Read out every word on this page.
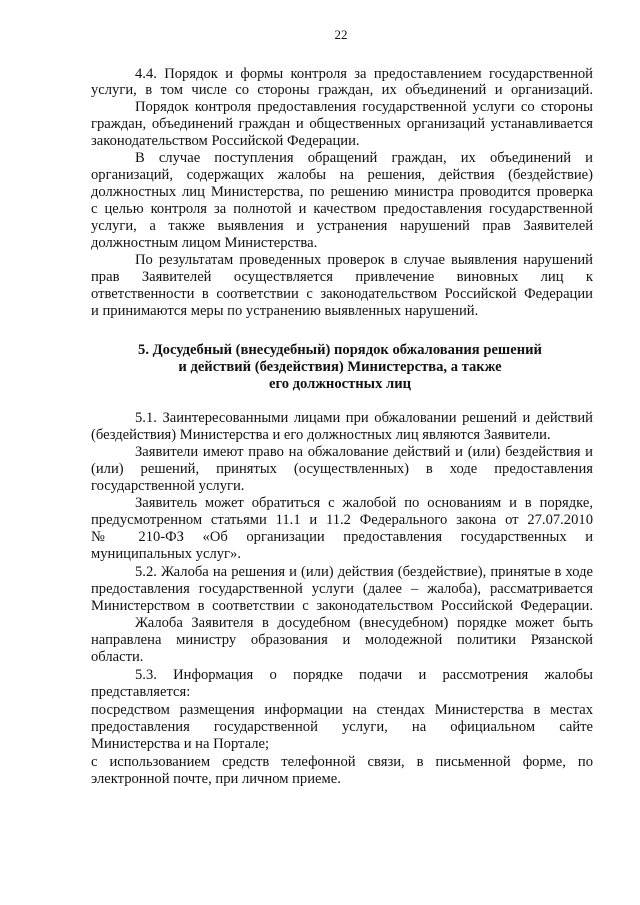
22
4.4. Порядок и формы контроля за предоставлением государственной
услуги, в том числе со стороны граждан, их объединений и организаций.
Порядок контроля предоставления государственной услуги со стороны
граждан, объединений граждан и общественных организаций устанавливается
законодательством Российской Федерации.
В случае поступления обращений граждан, их объединений и
организаций, содержащих жалобы на решения, действия (бездействие)
должностных лиц Министерства, по решению министра проводится проверка
с целью контроля за полнотой и качеством предоставления государственной
услуги, а также выявления и устранения нарушений прав Заявителей
должностным лицом Министерства.
По результатам проведенных проверок в случае выявления нарушений
прав Заявителей осуществляется привлечение виновных лиц к
ответственности в соответствии с законодательством Российской Федерации
и принимаются меры по устранению выявленных нарушений.
5. Досудебный (внесудебный) порядок обжалования решений
и действий (бездействия) Министерства, а также
его должностных лиц
5.1. Заинтересованными лицами при обжаловании решений и действий
(бездействия) Министерства и его должностных лиц являются Заявители.
Заявители имеют право на обжалование действий и (или) бездействия и
(или) решений, принятых (осуществленных) в ходе предоставления
государственной услуги.
Заявитель может обратиться с жалобой по основаниям и в порядке,
предусмотренном статьями 11.1 и 11.2 Федерального закона от 27.07.2010
№ 210-ФЗ «Об организации предоставления государственных и
муниципальных услуг».
5.2. Жалоба на решения и (или) действия (бездействие), принятые в ходе
предоставления государственной услуги (далее – жалоба), рассматривается
Министерством в соответствии с законодательством Российской Федерации.
Жалоба Заявителя в досудебном (внесудебном) порядке может быть
направлена министру образования и молодежной политики Рязанской
области.
5.3. Информация о порядке подачи и рассмотрения жалобы
представляется:
посредством размещения информации на стендах Министерства в местах
предоставления государственной услуги, на официальном сайте
Министерства и на Портале;
с использованием средств телефонной связи, в письменной форме, по
электронной почте, при личном приеме.
